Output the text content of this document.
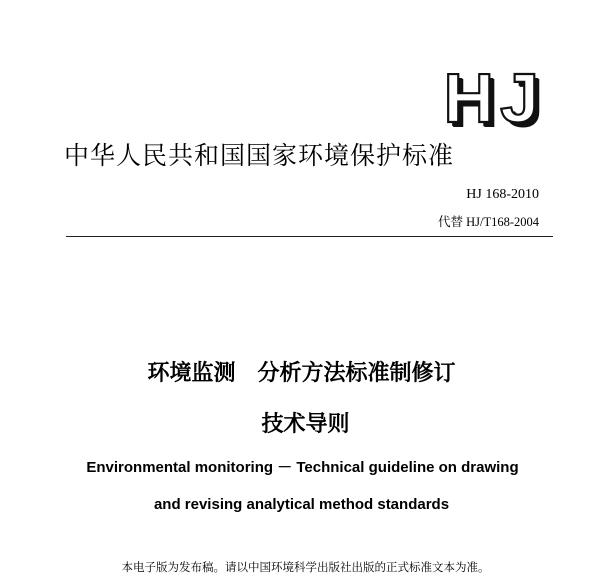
HJ
中华人民共和国国家环境保护标准
HJ 168-2010
代替 HJ/T168-2004
环境监测　分析方法标准制修订
技术导则
Environmental monitoring － Technical guideline on drawing
and revising analytical method standards
本电子版为发布稿。请以中国环境科学出版社出版的正式标准文本为准。
